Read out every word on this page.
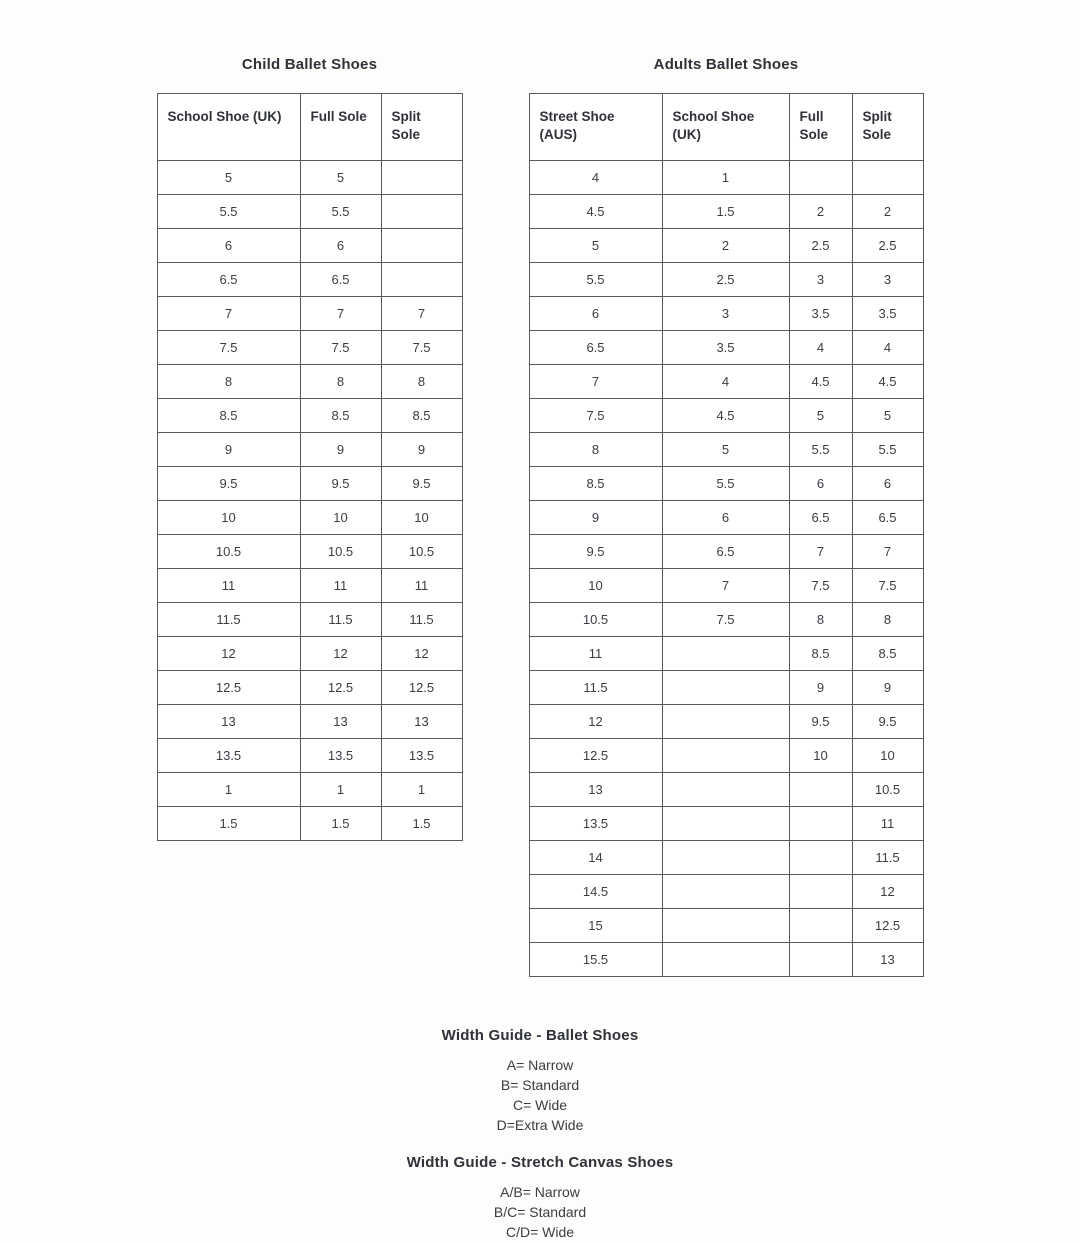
Child Ballet Shoes
School Shoe (UK)	Full Sole	Split Sole
5	5	
5.5	5.5	
6	6	
6.5	6.5	
7	7	7
7.5	7.5	7.5
8	8	8
8.5	8.5	8.5
9	9	9
9.5	9.5	9.5
10	10	10
10.5	10.5	10.5
11	11	11
11.5	11.5	11.5
12	12	12
12.5	12.5	12.5
13	13	13
13.5	13.5	13.5
1	1	1
1.5	1.5	1.5
Adults Ballet Shoes
Street Shoe (AUS)	School Shoe (UK)	Full Sole	Split Sole
4	1		
4.5	1.5	2	2
5	2	2.5	2.5
5.5	2.5	3	3
6	3	3.5	3.5
6.5	3.5	4	4
7	4	4.5	4.5
7.5	4.5	5	5
8	5	5.5	5.5
8.5	5.5	6	6
9	6	6.5	6.5
9.5	6.5	7	7
10	7	7.5	7.5
10.5	7.5	8	8
11		8.5	8.5
11.5		9	9
12		9.5	9.5
12.5		10	10
13			10.5
13.5			11
14			11.5
14.5			12
15			12.5
15.5			13
Width Guide - Ballet Shoes
A= Narrow
B= Standard
C= Wide
D=Extra Wide
Width Guide - Stretch Canvas Shoes
A/B= Narrow
B/C= Standard
C/D= Wide
